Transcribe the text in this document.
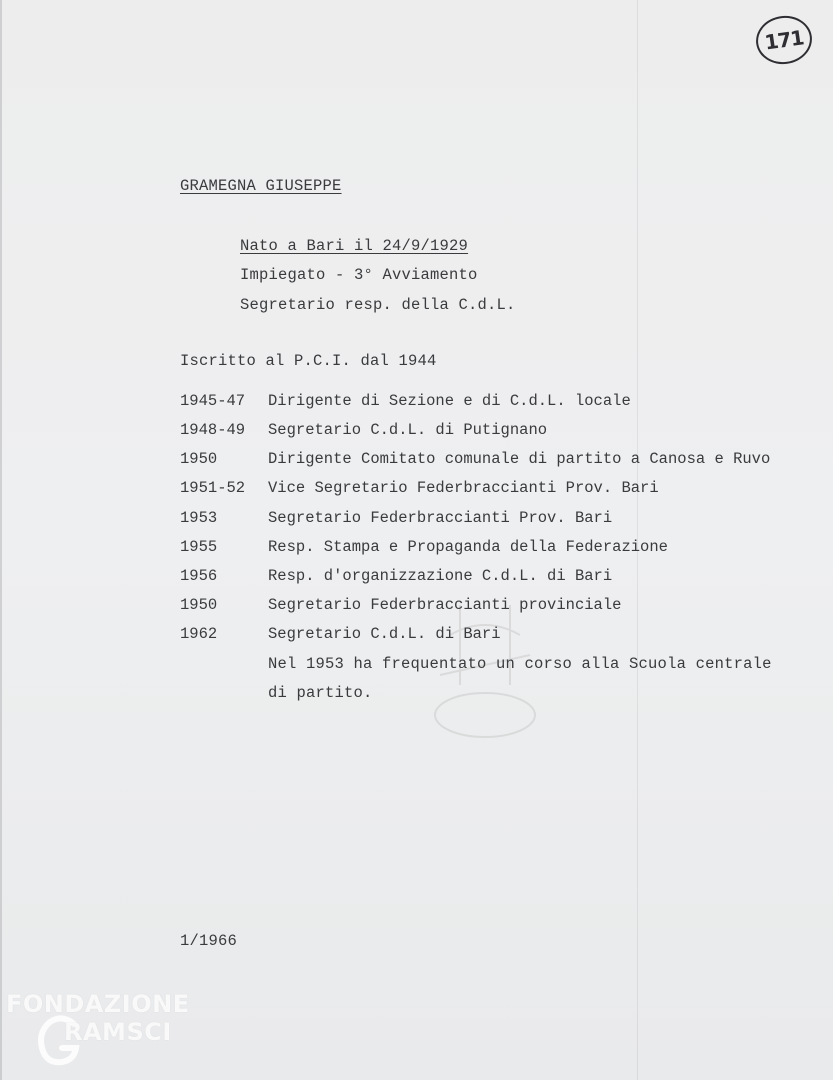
171
GRAMEGNA GIUSEPPE
Nato a Bari il 24/9/1929
Impiegato - 3° Avviamento
Segretario resp. della C.d.L.
Iscritto al P.C.I. dal 1944
1945-47 Dirigente di Sezione e di C.d.L. locale
1948-49 Segretario C.d.L. di Putignano
1950	Dirigente Comitato comunale di partito a Canosa e Ruvo
1951-52 Vice Segretario Federbraccianti Prov. Bari
1953	Segretario Federbraccianti Prov. Bari
1955	Resp. Stampa e Propaganda della Federazione
1956	Resp. d'organizzazione C.d.L. di Bari
1950	Segretario Federbraccianti provinciale
1962	Segretario C.d.L. di Bari
Nel 1953 ha frequentato un corso alla Scuola centrale
di partito.
1/1966
FONDAZIONE
RAMSCI
